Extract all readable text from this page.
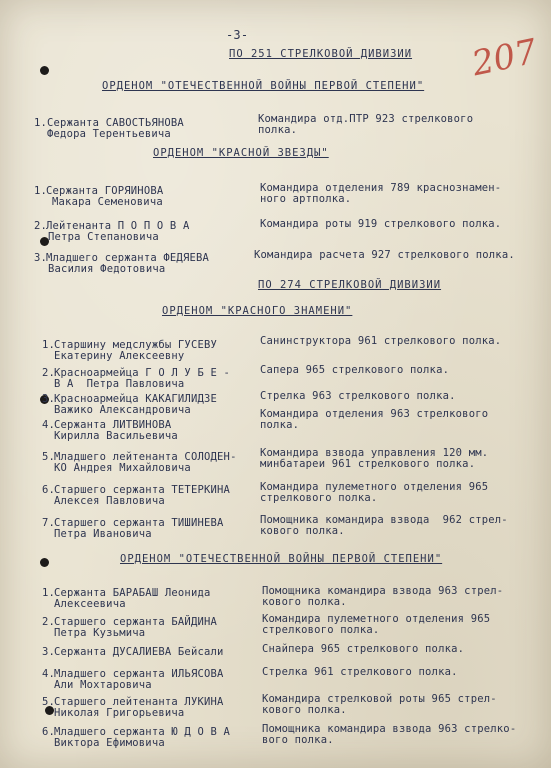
-3-
ПО 251 СТРЕЛКОВОЙ ДИВИЗИИ 207
ОРДЕНОМ "ОТЕЧЕСТВЕННОЙ ВОЙНЫ ПЕРВОЙ СТЕПЕНИ"
1. Сержанта САВОСТЬЯНОВА
Федора Терентьевича
Командира отд.ПТР 923 стрелкового
полка.
ОРДЕНОМ "КРАСНОЙ ЗВЕЗДЫ"
1.
Сержанта ГОРЯИНОВА
Макара Семеновича
Командира отделения 789 краснознамен-
ного артполка.
2.
Лейтенанта П О П О В А
Петра Степановича
Командира роты 919 стрелкового полка.
3.
Младшего сержанта ФЕДЯЕВА
Василия Федотовича
Командира расчета 927 стрелкового полка.
ПО 274 СТРЕЛКОВОЙ ДИВИЗИИ
ОРДЕНОМ "КРАСНОГО ЗНАМЕНИ"
1.
Старшину медслужбы ГУСЕВУ
Екатерину Алексеевну
Санинструктора 961 стрелкового полка.
2.
Красноармейца Г О Л У Б Е -
В А  Петра Павловича
Сапера 965 стрелкового полка.
3.
Красноармейца КАКАГИЛИДЗЕ
Важико Александровича
Стрелка 963 стрелкового полка.
4.
Сержанта ЛИТВИНОВА
Кирилла Васильевича
Командира отделения 963 стрелкового
полка.
5.
Младшего лейтенанта СОЛОДЕН-
КО Андрея Михайловича
Командира взвода управления 120 мм.
минбатареи 961 стрелкового полка.
6.
Старшего сержанта ТЕТЕРКИНА
Алексея Павловича
Командира пулеметного отделения 965
стрелкового полка.
7.
Старшего сержанта ТИШИНЕВА
Петра Ивановича
Помощника командира взвода  962 стрел-
кового полка.
ОРДЕНОМ "ОТЕЧЕСТВЕННОЙ ВОЙНЫ ПЕРВОЙ СТЕПЕНИ"
1.
Сержанта БАРАБАШ Леонида
Алексеевича
Помощника командира взвода 963 стрел-
кового полка.
2.
Старшего сержанта БАЙДИНА
Петра Кузьмича
Командира пулеметного отделения 965
стрелкового полка.
3.
Сержанта ДУСАЛИЕВА Бейсали	Снайпера 965 стрелкового полка.
4.
Младшего сержанта ИЛЬЯСОВА
Али Мохтаровича
Стрелка 961 стрелкового полка.
5.
Старшего лейтенанта ЛУКИНА
Николая Григорьевича
Командира стрелковой роты 965 стрел-
кового полка.
6.
Младшего сержанта Ю Д О В А
Виктора Ефимовича
Помощника командира взвода 963 стрелко-
вого полка.
